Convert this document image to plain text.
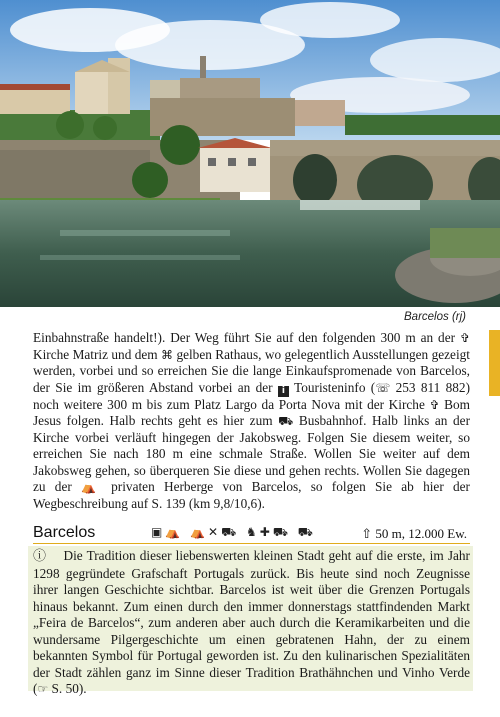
Barcelos (rj)

Einbahnstraße handelt!). Der Weg führt Sie auf den folgenden 300 m an der ✞ Kirche Matriz und dem ⌘ gelben Rathaus, wo gelegentlich Ausstellungen gezeigt werden, vorbei und so erreichen Sie die lange Einkaufspromenade von Barcelos, der Sie im größeren Abstand vorbei an der i Touristeninfo (☏ 253 811 882) noch weitere 300 m bis zum Platz Largo da Porta Nova mit der Kirche ✞ Bom Jesus folgen. Halb rechts geht es hier zum ⛟ Busbahnhof. Halb links an der Kirche vorbei verläuft hingegen der Jakobsweg. Folgen Sie diesem weiter, so erreichen Sie nach 180 m eine schmale Straße. Wollen Sie weiter auf dem Jakobsweg gehen, so überqueren Sie diese und gehen rechts. Wollen Sie dagegen zu der ⛺ privaten Herberge von Barcelos, so folgen Sie ab hier der Wegbeschreibung auf S. 139 (km 9,8/10,6).

Barcelos	▣⛺ ⛺✕⛟ ♞✚⛟ ⛟	⇧ 50 m, 12.000 Ew.

ⓘ Die Tradition dieser liebenswerten kleinen Stadt geht auf die erste, im Jahr 1298 gegründete Grafschaft Portugals zurück. Bis heute sind noch Zeugnisse ihrer langen Geschichte sichtbar. Barcelos ist weit über die Grenzen Portugals hinaus bekannt. Zum einen durch den immer donnerstags stattfindenden Markt „Feira de Barcelos“, zum anderen aber auch durch die Keramikarbeiten und die wundersame Pilgergeschichte um einen gebratenen Hahn, der zu einem bekannten Symbol für Portugal geworden ist. Zu den kulinarischen Spezialitäten der Stadt zählen ganz im Sinne dieser Tradition Brathähnchen und Vinho Verde (☞ S. 50).
